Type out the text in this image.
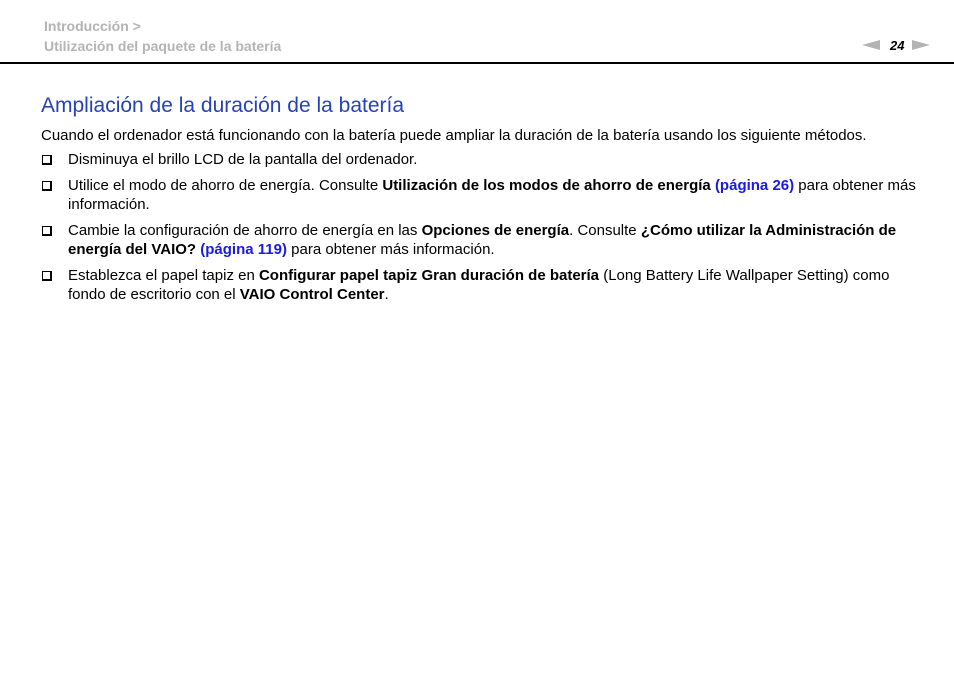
Introducción >
Utilización del paquete de la batería	24
Ampliación de la duración de la batería

Cuando el ordenador está funcionando con la batería puede ampliar la duración de la batería usando los siguiente métodos.

Disminuya el brillo LCD de la pantalla del ordenador.
Utilice el modo de ahorro de energía. Consulte Utilización de los modos de ahorro de energía (página 26) para obtener más información.
Cambie la configuración de ahorro de energía en las Opciones de energía. Consulte ¿Cómo utilizar la Administración de energía del VAIO? (página 119) para obtener más información.
Establezca el papel tapiz en Configurar papel tapiz Gran duración de batería (Long Battery Life Wallpaper Setting) como fondo de escritorio con el VAIO Control Center.
